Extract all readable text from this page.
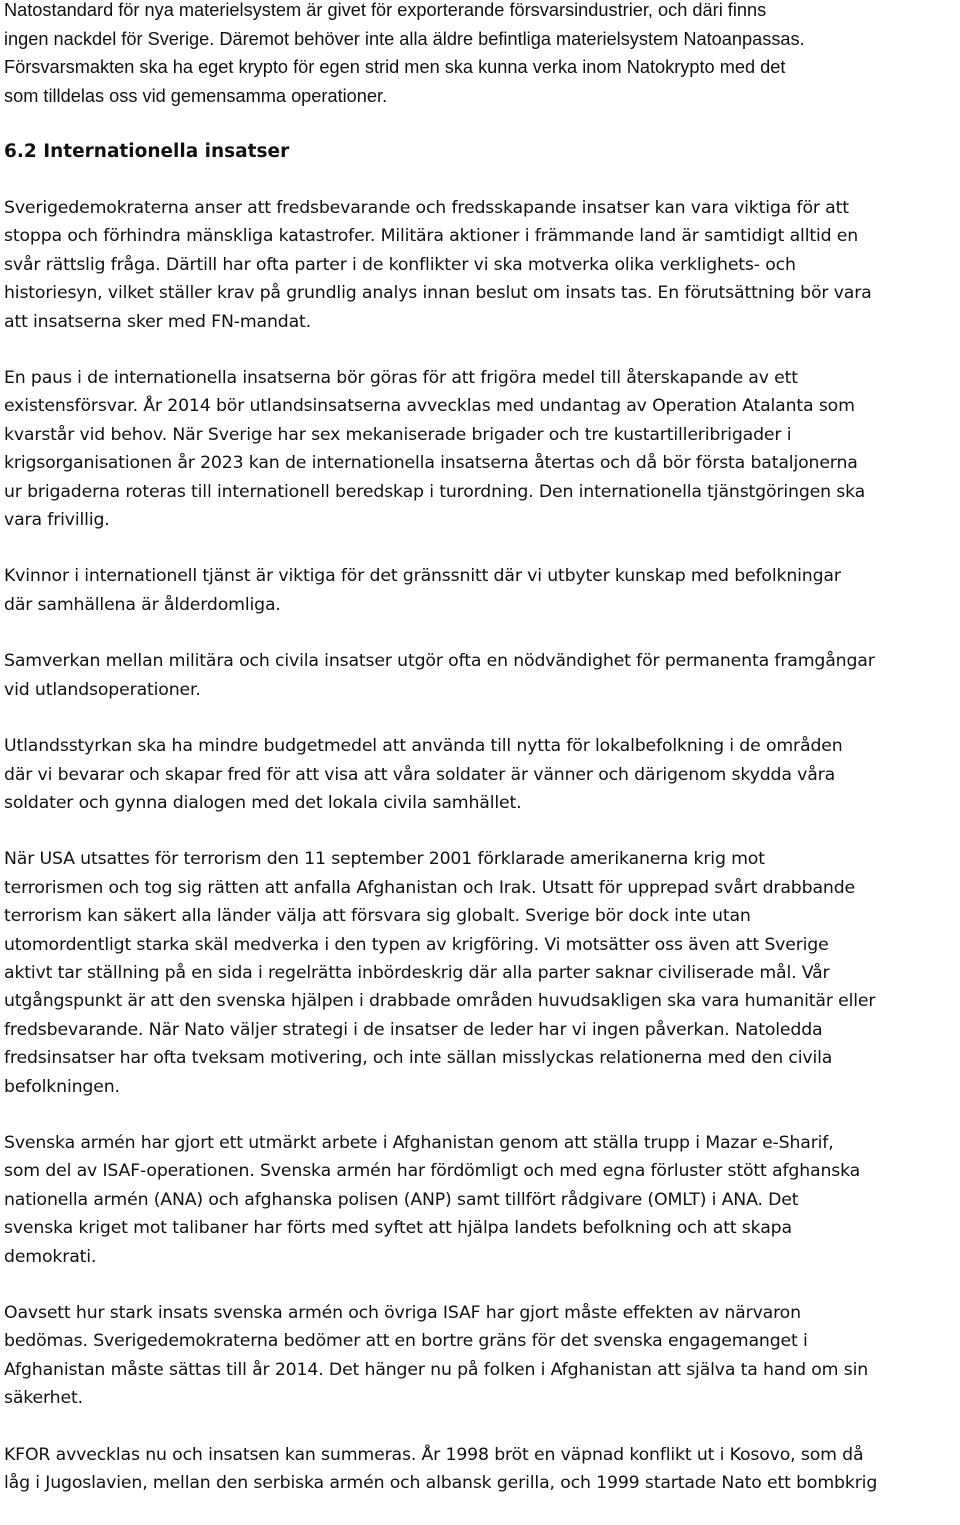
Natostandard för nya materielsystem är givet för exporterande försvarsindustrier, och däri finns
ingen nackdel för Sverige. Däremot behöver inte alla äldre befintliga materielsystem Natoanpassas.
Försvarsmakten ska ha eget krypto för egen strid men ska kunna verka inom Natokrypto med det
som tilldelas oss vid gemensamma operationer.

6.2 Internationella insatser

Sverigedemokraterna anser att fredsbevarande och fredsskapande insatser kan vara viktiga för att
stoppa och förhindra mänskliga katastrofer. Militära aktioner i främmande land är samtidigt alltid en
svår rättslig fråga. Därtill har ofta parter i de konflikter vi ska motverka olika verklighets- och
historiesyn, vilket ställer krav på grundlig analys innan beslut om insats tas. En förutsättning bör vara
att insatserna sker med FN-mandat.

En paus i de internationella insatserna bör göras för att frigöra medel till återskapande av ett
existensförsvar. År 2014 bör utlandsinsatserna avvecklas med undantag av Operation Atalanta som
kvarstår vid behov. När Sverige har sex mekaniserade brigader och tre kustartilleribrigader i
krigsorganisationen år 2023 kan de internationella insatserna återtas och då bör första bataljonerna
ur brigaderna roteras till internationell beredskap i turordning. Den internationella tjänstgöringen ska
vara frivillig.

Kvinnor i internationell tjänst är viktiga för det gränssnitt där vi utbyter kunskap med befolkningar
där samhällena är ålderdomliga.

Samverkan mellan militära och civila insatser utgör ofta en nödvändighet för permanenta framgångar
vid utlandsoperationer.

Utlandsstyrkan ska ha mindre budgetmedel att använda till nytta för lokalbefolkning i de områden
där vi bevarar och skapar fred för att visa att våra soldater är vänner och därigenom skydda våra
soldater och gynna dialogen med det lokala civila samhället.

När USA utsattes för terrorism den 11 september 2001 förklarade amerikanerna krig mot
terrorismen och tog sig rätten att anfalla Afghanistan och Irak. Utsatt för upprepad svårt drabbande
terrorism kan säkert alla länder välja att försvara sig globalt. Sverige bör dock inte utan
utomordentligt starka skäl medverka i den typen av krigföring. Vi motsätter oss även att Sverige
aktivt tar ställning på en sida i regelrätta inbördeskrig där alla parter saknar civiliserade mål. Vår
utgångspunkt är att den svenska hjälpen i drabbade områden huvudsakligen ska vara humanitär eller
fredsbevarande. När Nato väljer strategi i de insatser de leder har vi ingen påverkan. Natoledda
fredsinsatser har ofta tveksam motivering, och inte sällan misslyckas relationerna med den civila
befolkningen.

Svenska armén har gjort ett utmärkt arbete i Afghanistan genom att ställa trupp i Mazar e-Sharif,
som del av ISAF-operationen. Svenska armén har fördömligt och med egna förluster stött afghanska
nationella armén (ANA) och afghanska polisen (ANP) samt tillfört rådgivare (OMLT) i ANA. Det
svenska kriget mot talibaner har förts med syftet att hjälpa landets befolkning och att skapa
demokrati.

Oavsett hur stark insats svenska armén och övriga ISAF har gjort måste effekten av närvaron
bedömas. Sverigedemokraterna bedömer att en bortre gräns för det svenska engagemanget i
Afghanistan måste sättas till år 2014. Det hänger nu på folken i Afghanistan att själva ta hand om sin
säkerhet.

KFOR avvecklas nu och insatsen kan summeras. År 1998 bröt en väpnad konflikt ut i Kosovo, som då
låg i Jugoslavien, mellan den serbiska armén och albansk gerilla, och 1999 startade Nato ett bombkrig
